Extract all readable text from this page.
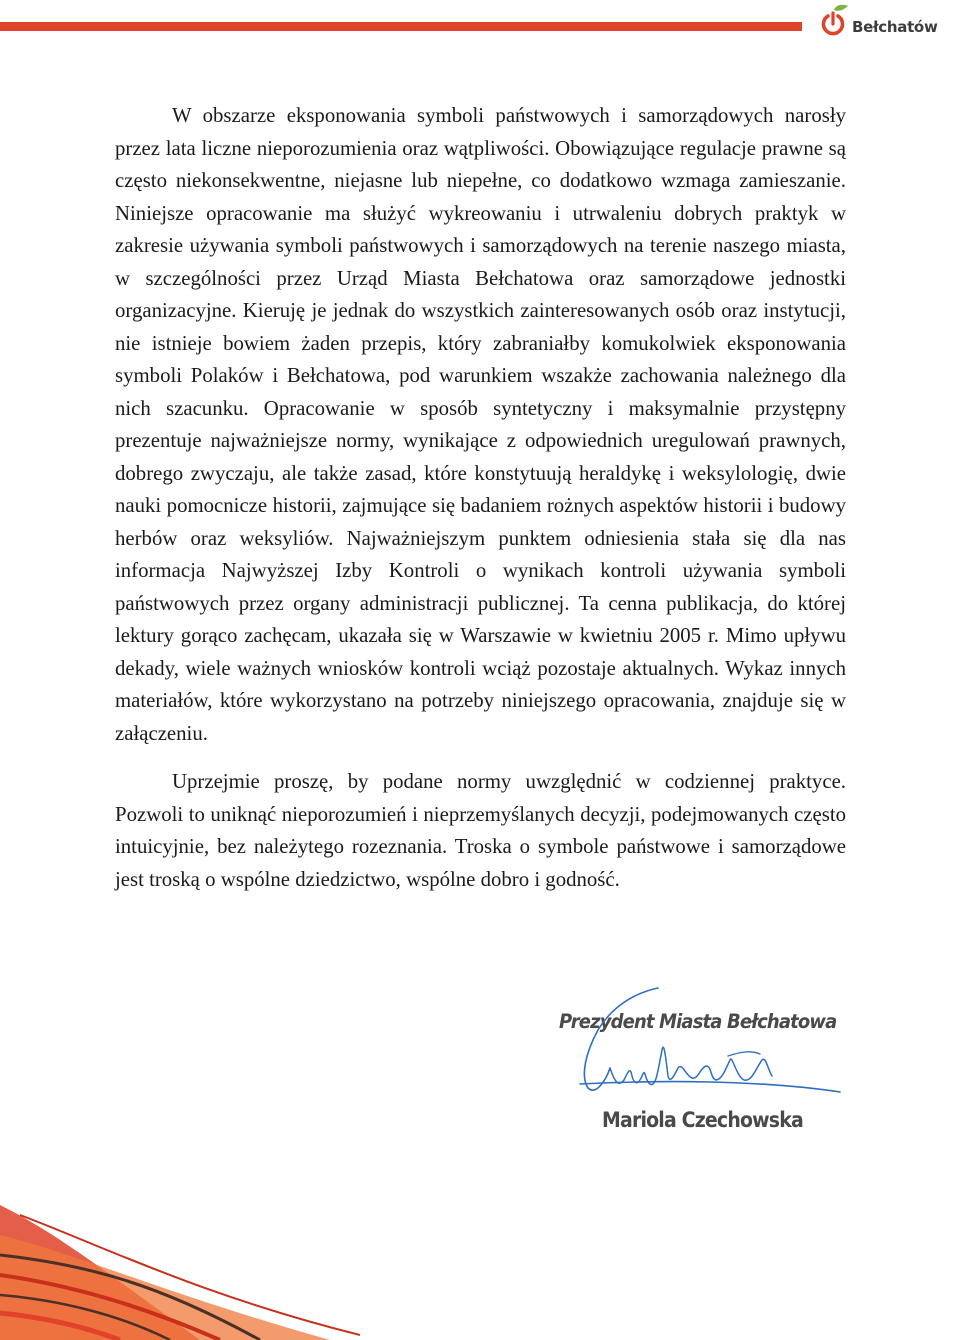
Bełchatów

W obszarze eksponowania symboli państwowych i samorządowych narosły przez lata liczne nieporozumienia oraz wątpliwości. Obowiązujące regulacje prawne są często niekonsekwentne, niejasne lub niepełne, co dodatkowo wzmaga zamieszanie. Niniejsze opracowanie ma służyć wykreowaniu i utrwaleniu dobrych praktyk w zakresie używania symboli państwowych i samorządowych na terenie naszego miasta, w szczególności przez Urząd Miasta Bełchatowa oraz samorządowe jednostki organizacyjne. Kieruję je jednak do wszystkich zainteresowanych osób oraz instytucji, nie istnieje bowiem żaden przepis, który zabraniałby komukolwiek eksponowania symboli Polaków i Bełchatowa, pod warunkiem wszakże zachowania należnego dla nich szacunku. Opracowanie w sposób syntetyczny i maksymalnie przystępny prezentuje najważniejsze normy, wynikające z odpowiednich uregulowań prawnych, dobrego zwyczaju, ale także zasad, które konstytuują heraldykę i weksylologię, dwie nauki pomocnicze historii, zajmujące się badaniem rożnych aspektów historii i budowy herbów oraz weksyliów. Najważniejszym punktem odniesienia stała się dla nas informacja Najwyższej Izby Kontroli o wynikach kontroli używania symboli państwowych przez organy administracji publicznej. Ta cenna publikacja, do której lektury gorąco zachęcam, ukazała się w Warszawie w kwietniu 2005 r. Mimo upływu dekady, wiele ważnych wniosków kontroli wciąż pozostaje aktualnych. Wykaz innych materiałów, które wykorzystano na potrzeby niniejszego opracowania, znajduje się w załączeniu.

Uprzejmie proszę, by podane normy uwzględnić w codziennej praktyce. Pozwoli to uniknąć nieporozumień i nieprzemyślanych decyzji, podejmowanych często intuicyjnie, bez należytego rozeznania. Troska o symbole państwowe i samorządowe jest troską o wspólne dziedzictwo, wspólne dobro i godność.

Prezydent Miasta Bełchatowa
Mariola Czechowska
